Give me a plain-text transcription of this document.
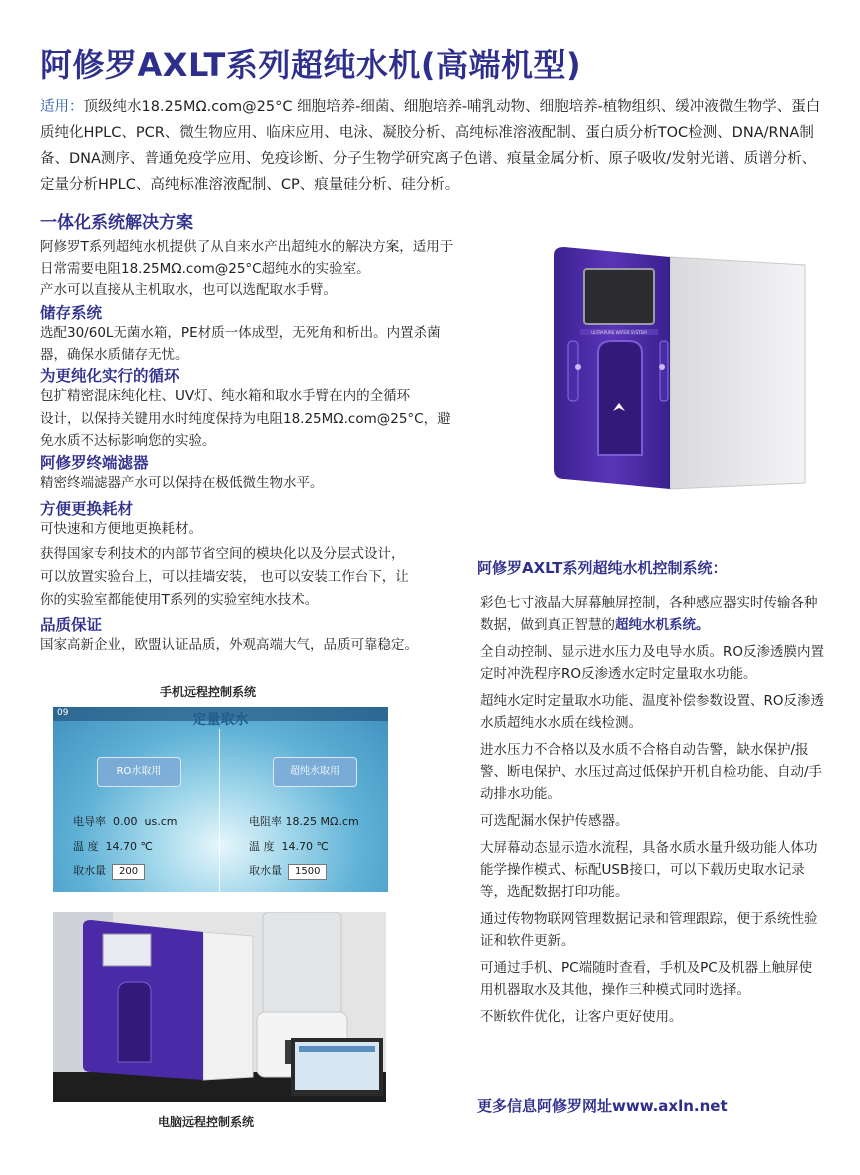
阿修罗AXLT系列超纯水机(高端机型)
适用：顶级纯水18.25MΩ.com@25°C 细胞培养-细菌、细胞培养-哺乳动物、细胞培养-植物组织、缓冲液微生物学、蛋白质纯化HPLC、PCR、微生物应用、临床应用、电泳、凝胶分析、高纯标准溶液配制、蛋白质分析TOC检测、DNA/RNA制备、DNA测序、普通免疫学应用、免疫诊断、分子生物学研究离子色谱、痕量金属分析、原子吸收/发射光谱、质谱分析、定量分析HPLC、高纯标准溶液配制、CP、痕量硅分析、硅分析。
一体化系统解决方案
阿修罗T系列超纯水机提供了从自来水产出超纯水的解决方案，适用于日常需要电阻18.25MΩ.com@25°C超纯水的实验室。
产水可以直接从主机取水，也可以选配取水手臂。
储存系统
选配30/60L无菌水箱，PE材质一体成型，无死角和析出。内置杀菌器，确保水质储存无忧。
为更纯化实行的循环
包扩精密混床纯化柱、UV灯、纯水箱和取水手臂在内的全循环
设计，以保持关键用水时纯度保持为电阻18.25MΩ.com@25°C，避免水质不达标影响您的实验。
阿修罗终端滤器
精密终端滤器产水可以保持在极低微生物水平。
方便更换耗材
可快速和方便地更换耗材。
获得国家专利技术的内部节省空间的模块化以及分层式设计，
可以放置实验台上，可以挂墙安装， 也可以安装工作台下，让
你的实验室都能使用T系列的实验室纯水技术。
品质保证
国家高新企业，欧盟认证品质，外观高端大气，品质可靠稳定。
ULTRAPURE WATER SYSTEM
手机远程控制系统
09	定量取水
RO水取用	超纯水取用
电导率 0.00 us.cm	电阻率 18.25 MΩ.cm
温 度 14.70 ℃	温 度 14.70 ℃
取水量 200	取水量 1500
电脑远程控制系统
阿修罗AXLT系列超纯水机控制系统：

彩色七寸液晶大屏幕触屏控制，各种感应器实时传输各种数据，做到真正智慧的超纯水机系统。

全自动控制、显示进水压力及电导水质。RO反渗透膜内置定时冲洗程序RO反渗透水定时定量取水功能。

超纯水定时定量取水功能、温度补偿参数设置、RO反渗透水质超纯水水质在线检测。

进水压力不合格以及水质不合格自动告警，缺水保护/报警、断电保护、水压过高过低保护开机自检功能、自动/手动排水功能。

可选配漏水保护传感器。

大屏幕动态显示造水流程，具备水质水量升级功能人体功能学操作模式、标配USB接口，可以下载历史取水记录等，选配数据打印功能。

通过传物物联网管理数据记录和管理跟踪，便于系统性验证和软件更新。

可通过手机、PC端随时查看，手机及PC及机器上触屏使用机器取水及其他，操作三种模式同时选择。

不断软件优化，让客户更好使用。

更多信息阿修罗网址www.axln.net
